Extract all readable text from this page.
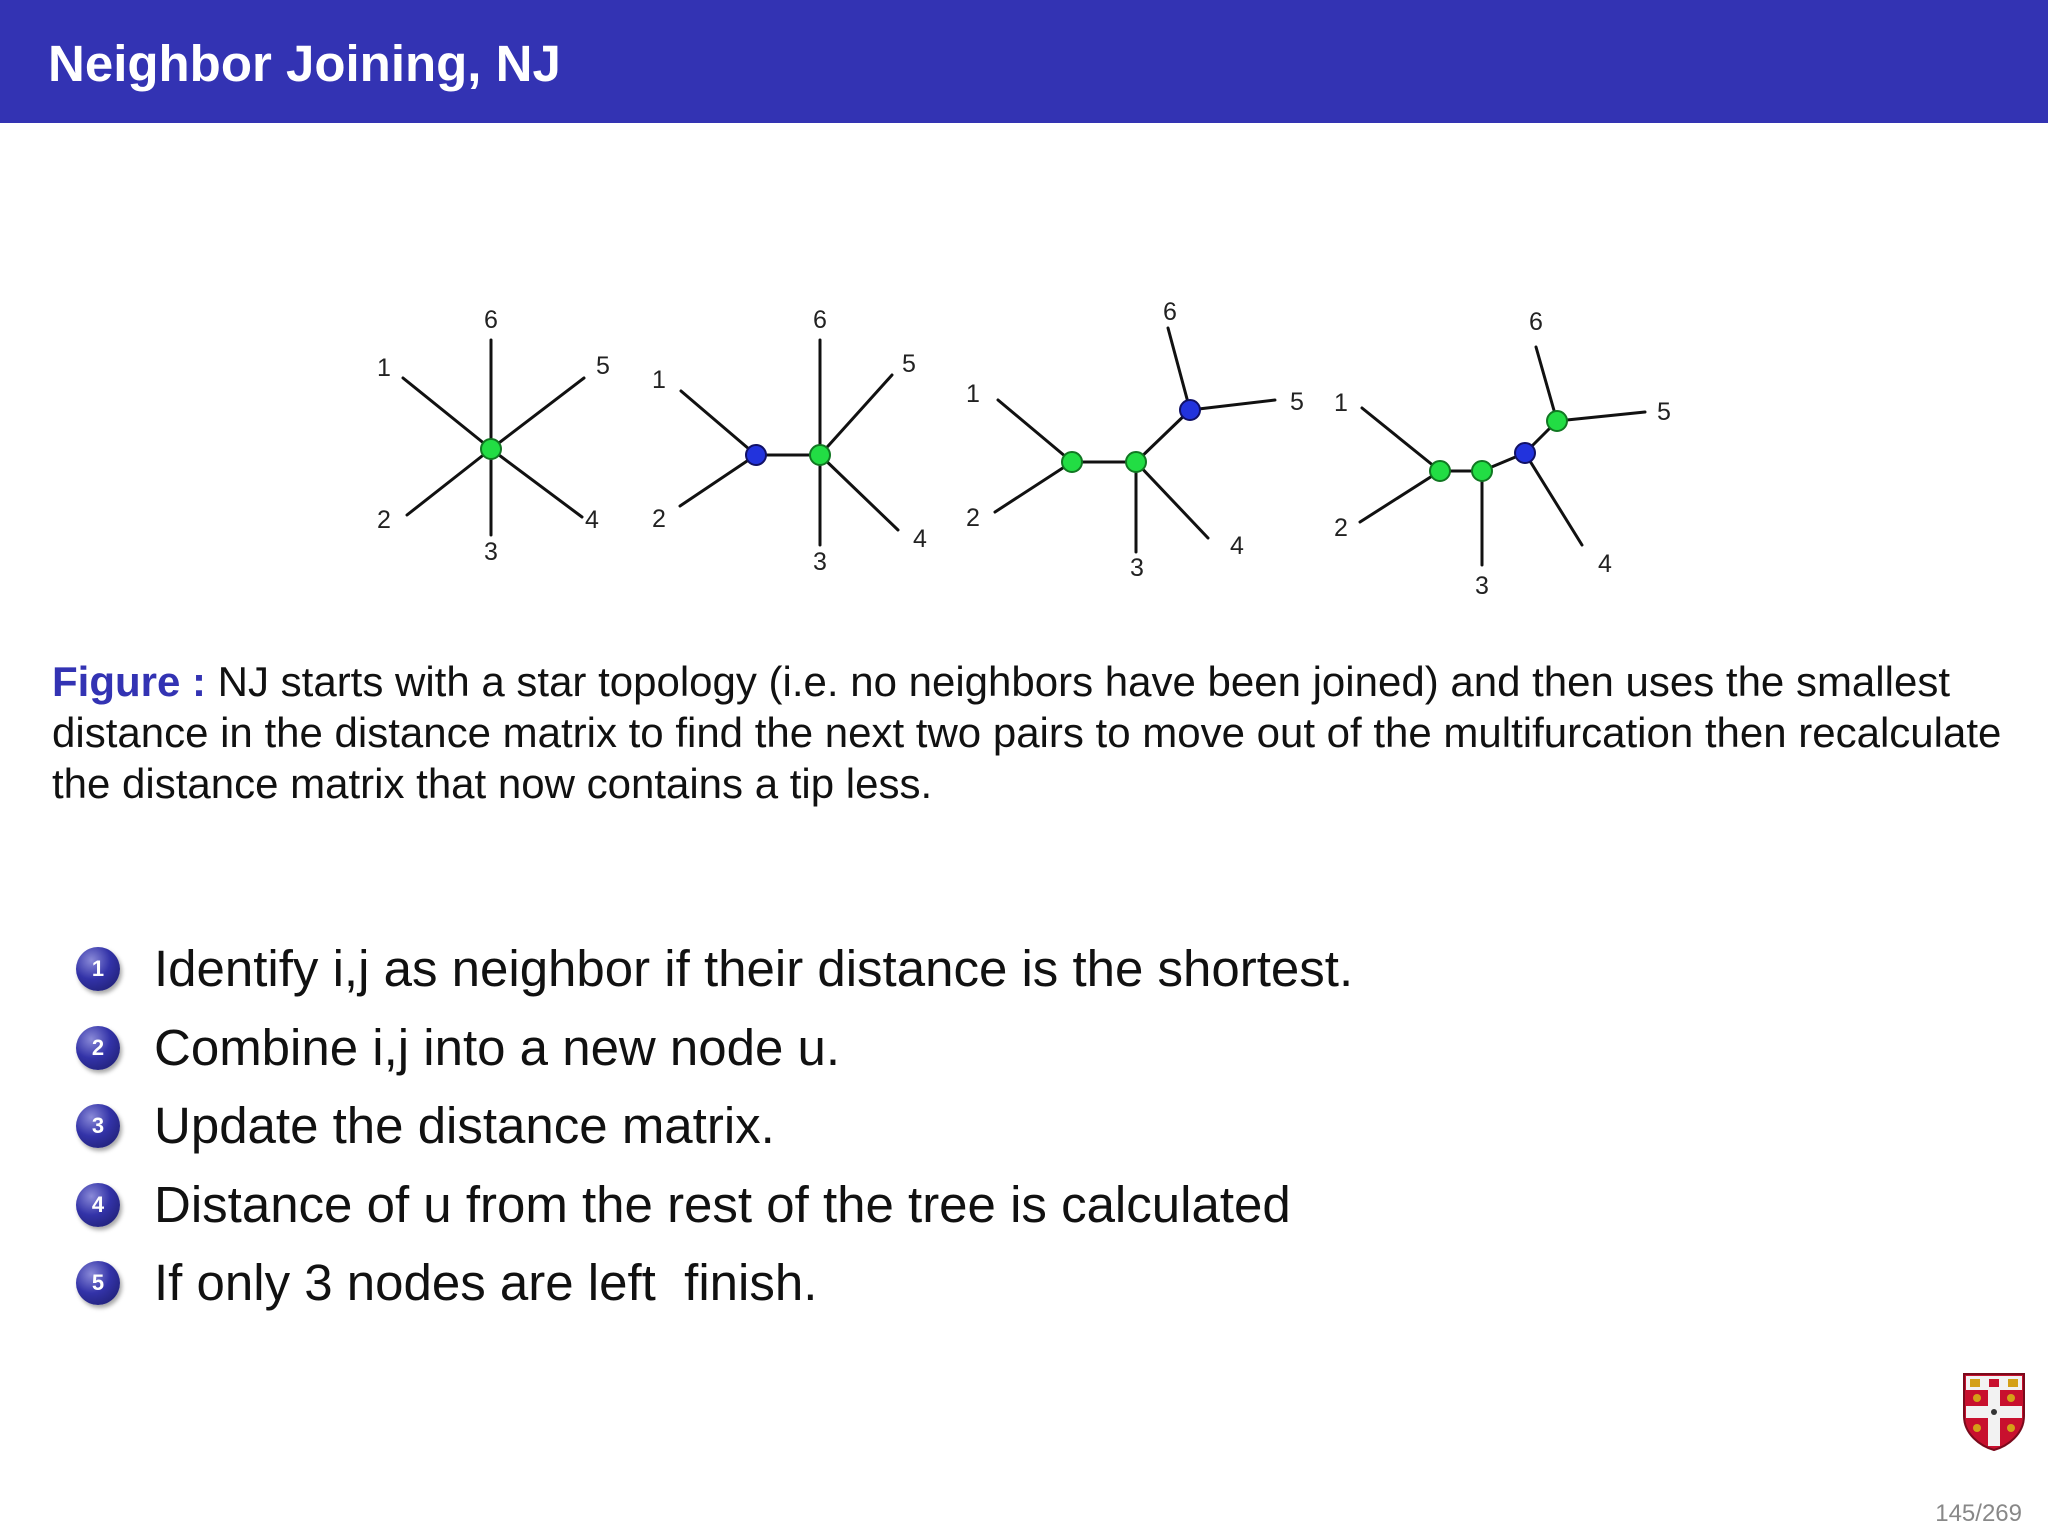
Neighbor Joining, NJ
6
1	5
2	4
3
6
1
5
2
4
3
6
1	5
2
4
3
6
1	5
2
4
3
Figure : NJ starts with a star topology (i.e. no neighbors have been joined) and then uses the smallest distance in the distance matrix to find the next two pairs to move out of the multifurcation then recalculate the distance matrix that now contains a tip less.
1 Identify i,j as neighbor if their distance is the shortest.
2 Combine i,j into a new node u.
3 Update the distance matrix.
4 Distance of u from the rest of the tree is calculated
5 If only 3 nodes are left  finish.
145/269
